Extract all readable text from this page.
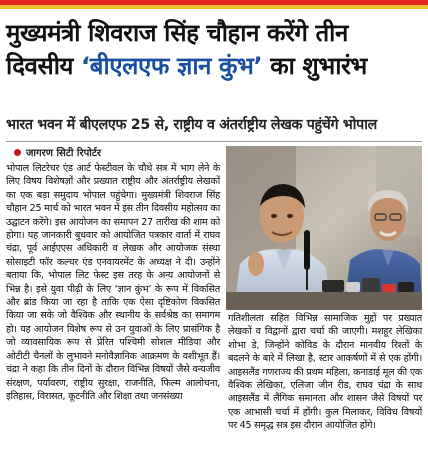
मुख्यमंत्री शिवराज सिंह चौहान करेंगे तीन
दिवसीय ‘बीएलएफ ज्ञान कुंभ’ का शुभारंभ
भारत भवन में बीएलएफ 25 से, राष्ट्रीय व अंतर्राष्ट्रीय लेखक पहुंचेंगे भोपाल
जागरण सिटी रिपोर्टर

भोपाल लिटरेचर एंड आर्ट फेस्टीवल के चौथे सत्र में भाग लेने के लिए विषय विशेषज्ञों और प्रख्यात राष्ट्रीय और अंतर्राष्ट्रीय लेखकों का एक बड़ा समुदाय भोपाल पहुंचेगा। मुख्यमंत्री शिवराज सिंह चौहान 25 मार्च को भारत भवन में इस तीन दिवसीय महोत्सव का उद्घाटन करेंगे। इस आयोजन का समापन 27 तारीख की शाम को होगा। यह जानकारी बुधवार को आयोजित पत्रकार वार्ता में राघव चंद्रा, पूर्व आईएएस अधिकारी व लेखक और आयोजक संस्था सोसाइटी फॉर कल्चर एंड एनवायरमेंट के अध्यक्ष ने दी। उन्होंने बताया कि, भोपाल लिट फेस्ट इस तरह के अन्य आयोजनों से भिन्न है। इसे युवा पीढ़ी के लिए ‘ज्ञान कुंभ’ के रूप में विकसित और ब्रांड किया जा रहा है ताकि एक ऐसा दृष्टिकोण विकसित किया जा सके जो वैश्विक और स्थानीय के सर्वश्रेष्ठ का समागम हो। यह आयोजन विशेष रूप से उन युवाओं के लिए प्रासंगिक है जो व्यावसायिक रूप से प्रेरित पश्चिमी सोशल मीडिया और ओटीटी चैनलों के लुभावने मनोवैज्ञानिक आक्रमण के वशीभूत हैं। चंद्रा ने कहा कि तीन दिनों के दौरान विभिन्न विषयों जैसे वन्यजीव संरक्षण, पर्यावरण, राष्ट्रीय सुरक्षा, राजनीति, फिल्म आलोचना, इतिहास, विरासत, कूटनीति और शिक्षा तथा जनसंख्या

गतिशीलता सहित विभिन्न सामाजिक मुद्दों पर प्रख्यात लेखकों व विद्वानों द्वारा चर्चा की जाएगी। मशहूर लेखिका शोभा डे, जिन्होंने कोविड के दौरान मानवीय रिश्तों के बदलने के बारे में लिखा है, स्टार आकर्षणों में से एक होंगी। आइसलैंड गणराज्य की प्रथम महिला, कनाडाई मूल की एक वैश्विक लेखिका, एलिजा जीन रीड, राघव चंद्रा के साथ आइसलैंड में लैंगिक समानता और शासन जैसे विषयों पर एक आभासी चर्चा में होंगी। कुल मिलाकर, विविध विषयों पर 45 समृद्ध सत्र इस दौरान आयोजित होंगे।
